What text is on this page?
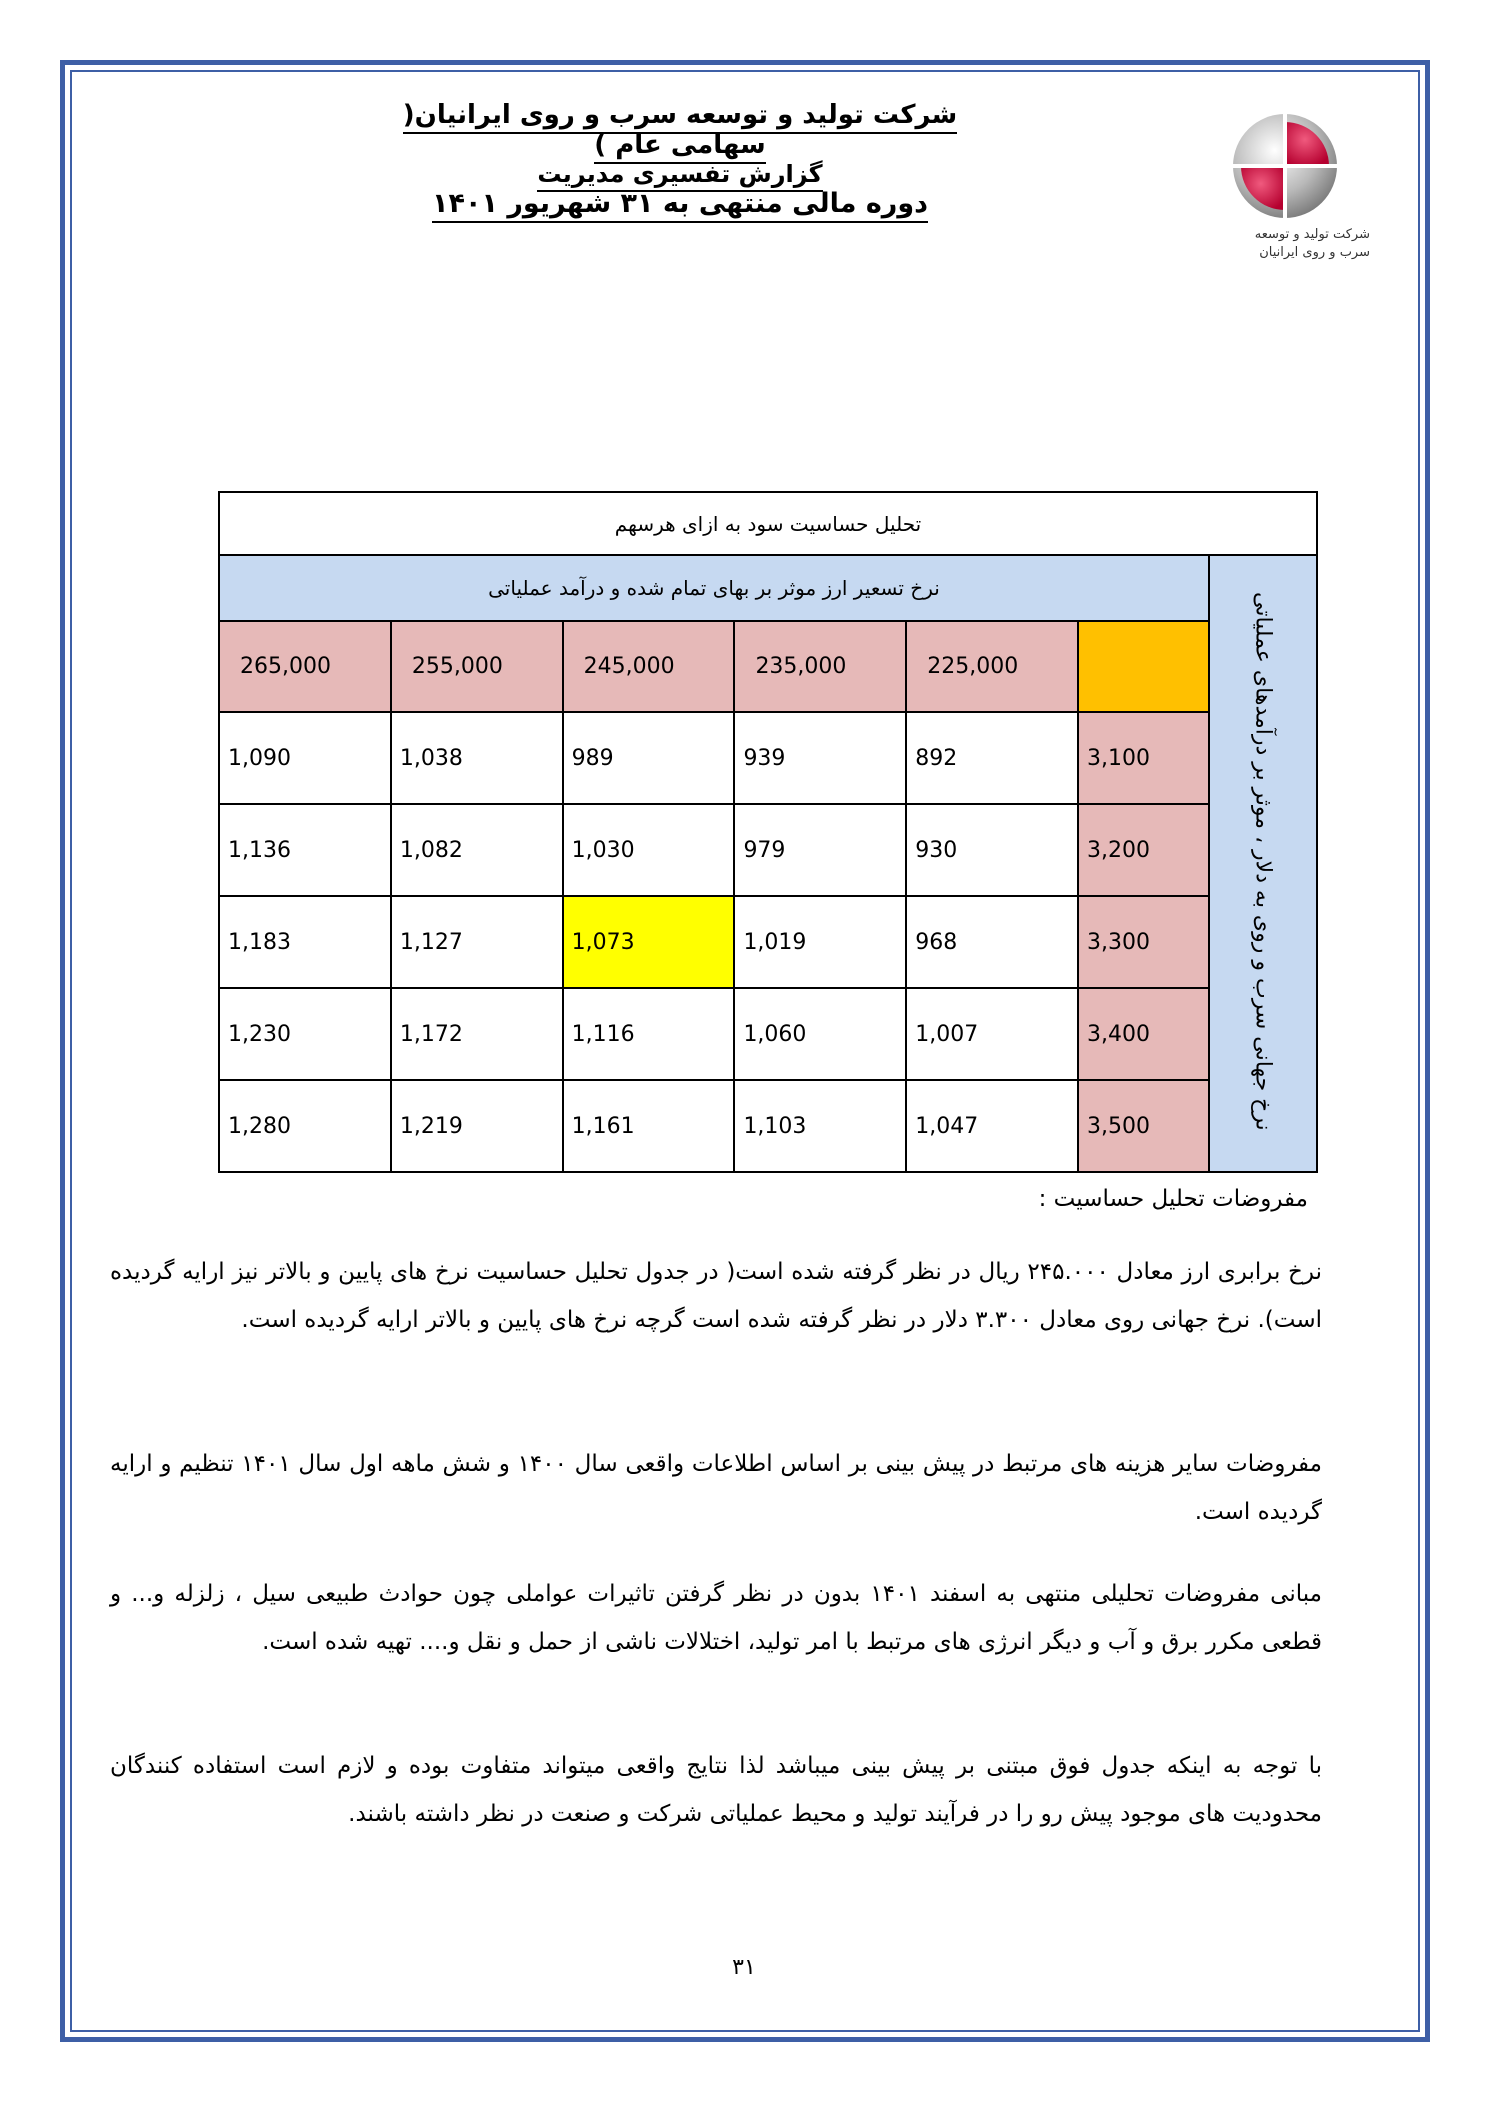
شرکت تولید و توسعه
سرب و روی ایرانیان
شرکت تولید و توسعه سرب و روی ایرانیان( سهامی عام )
گزارش تفسیری مدیریت
دوره مالی منتهی به ۳۱ شهریور ۱۴۰۱
تحلیل حساسیت سود به ازای هرسهم						
نرخ جهانی سرب و روی به دلار ، موثر بر درآمدهای عملیاتی	نرخ تسعیر ارز موثر بر بهای تمام شده و درآمد عملیاتی					
		225,000	235,000	245,000	255,000	265,000
	3,100	892	939	989	1,038	1,090
	3,200	930	979	1,030	1,082	1,136
	3,300	968	1,019	1,073	1,127	1,183
	3,400	1,007	1,060	1,116	1,172	1,230
	3,500	1,047	1,103	1,161	1,219	1,280
مفروضات تحلیل حساسیت :
نرخ برابری ارز معادل ۲۴۵.۰۰۰ ریال در نظر گرفته شده است( در جدول تحلیل حساسیت نرخ های پایین و بالاتر نیز ارایه گردیده است). نرخ جهانی روی معادل ۳.۳۰۰ دلار در نظر گرفته شده است گرچه نرخ های پایین و بالاتر ارایه گردیده است.
مفروضات سایر هزینه های مرتبط در پیش بینی بر اساس اطلاعات واقعی سال ۱۴۰۰ و شش ماهه اول سال ۱۴۰۱ تنظیم و ارایه گردیده است.
مبانی مفروضات تحلیلی منتهی به اسفند ۱۴۰۱ بدون در نظر گرفتن تاثیرات عواملی چون حوادث طبیعی سیل ، زلزله و... و قطعی مکرر برق و آب و دیگر انرژی های مرتبط با امر تولید، اختلالات ناشی از حمل و نقل و.... تهیه شده است.
با توجه به اینکه جدول فوق مبتنی بر پیش بینی میباشد لذا نتایج واقعی میتواند متفاوت بوده و لازم است استفاده کنندگان محدودیت های موجود پیش رو را در فرآیند تولید و محیط عملیاتی شرکت و صنعت در نظر داشته باشند.
۳۱
